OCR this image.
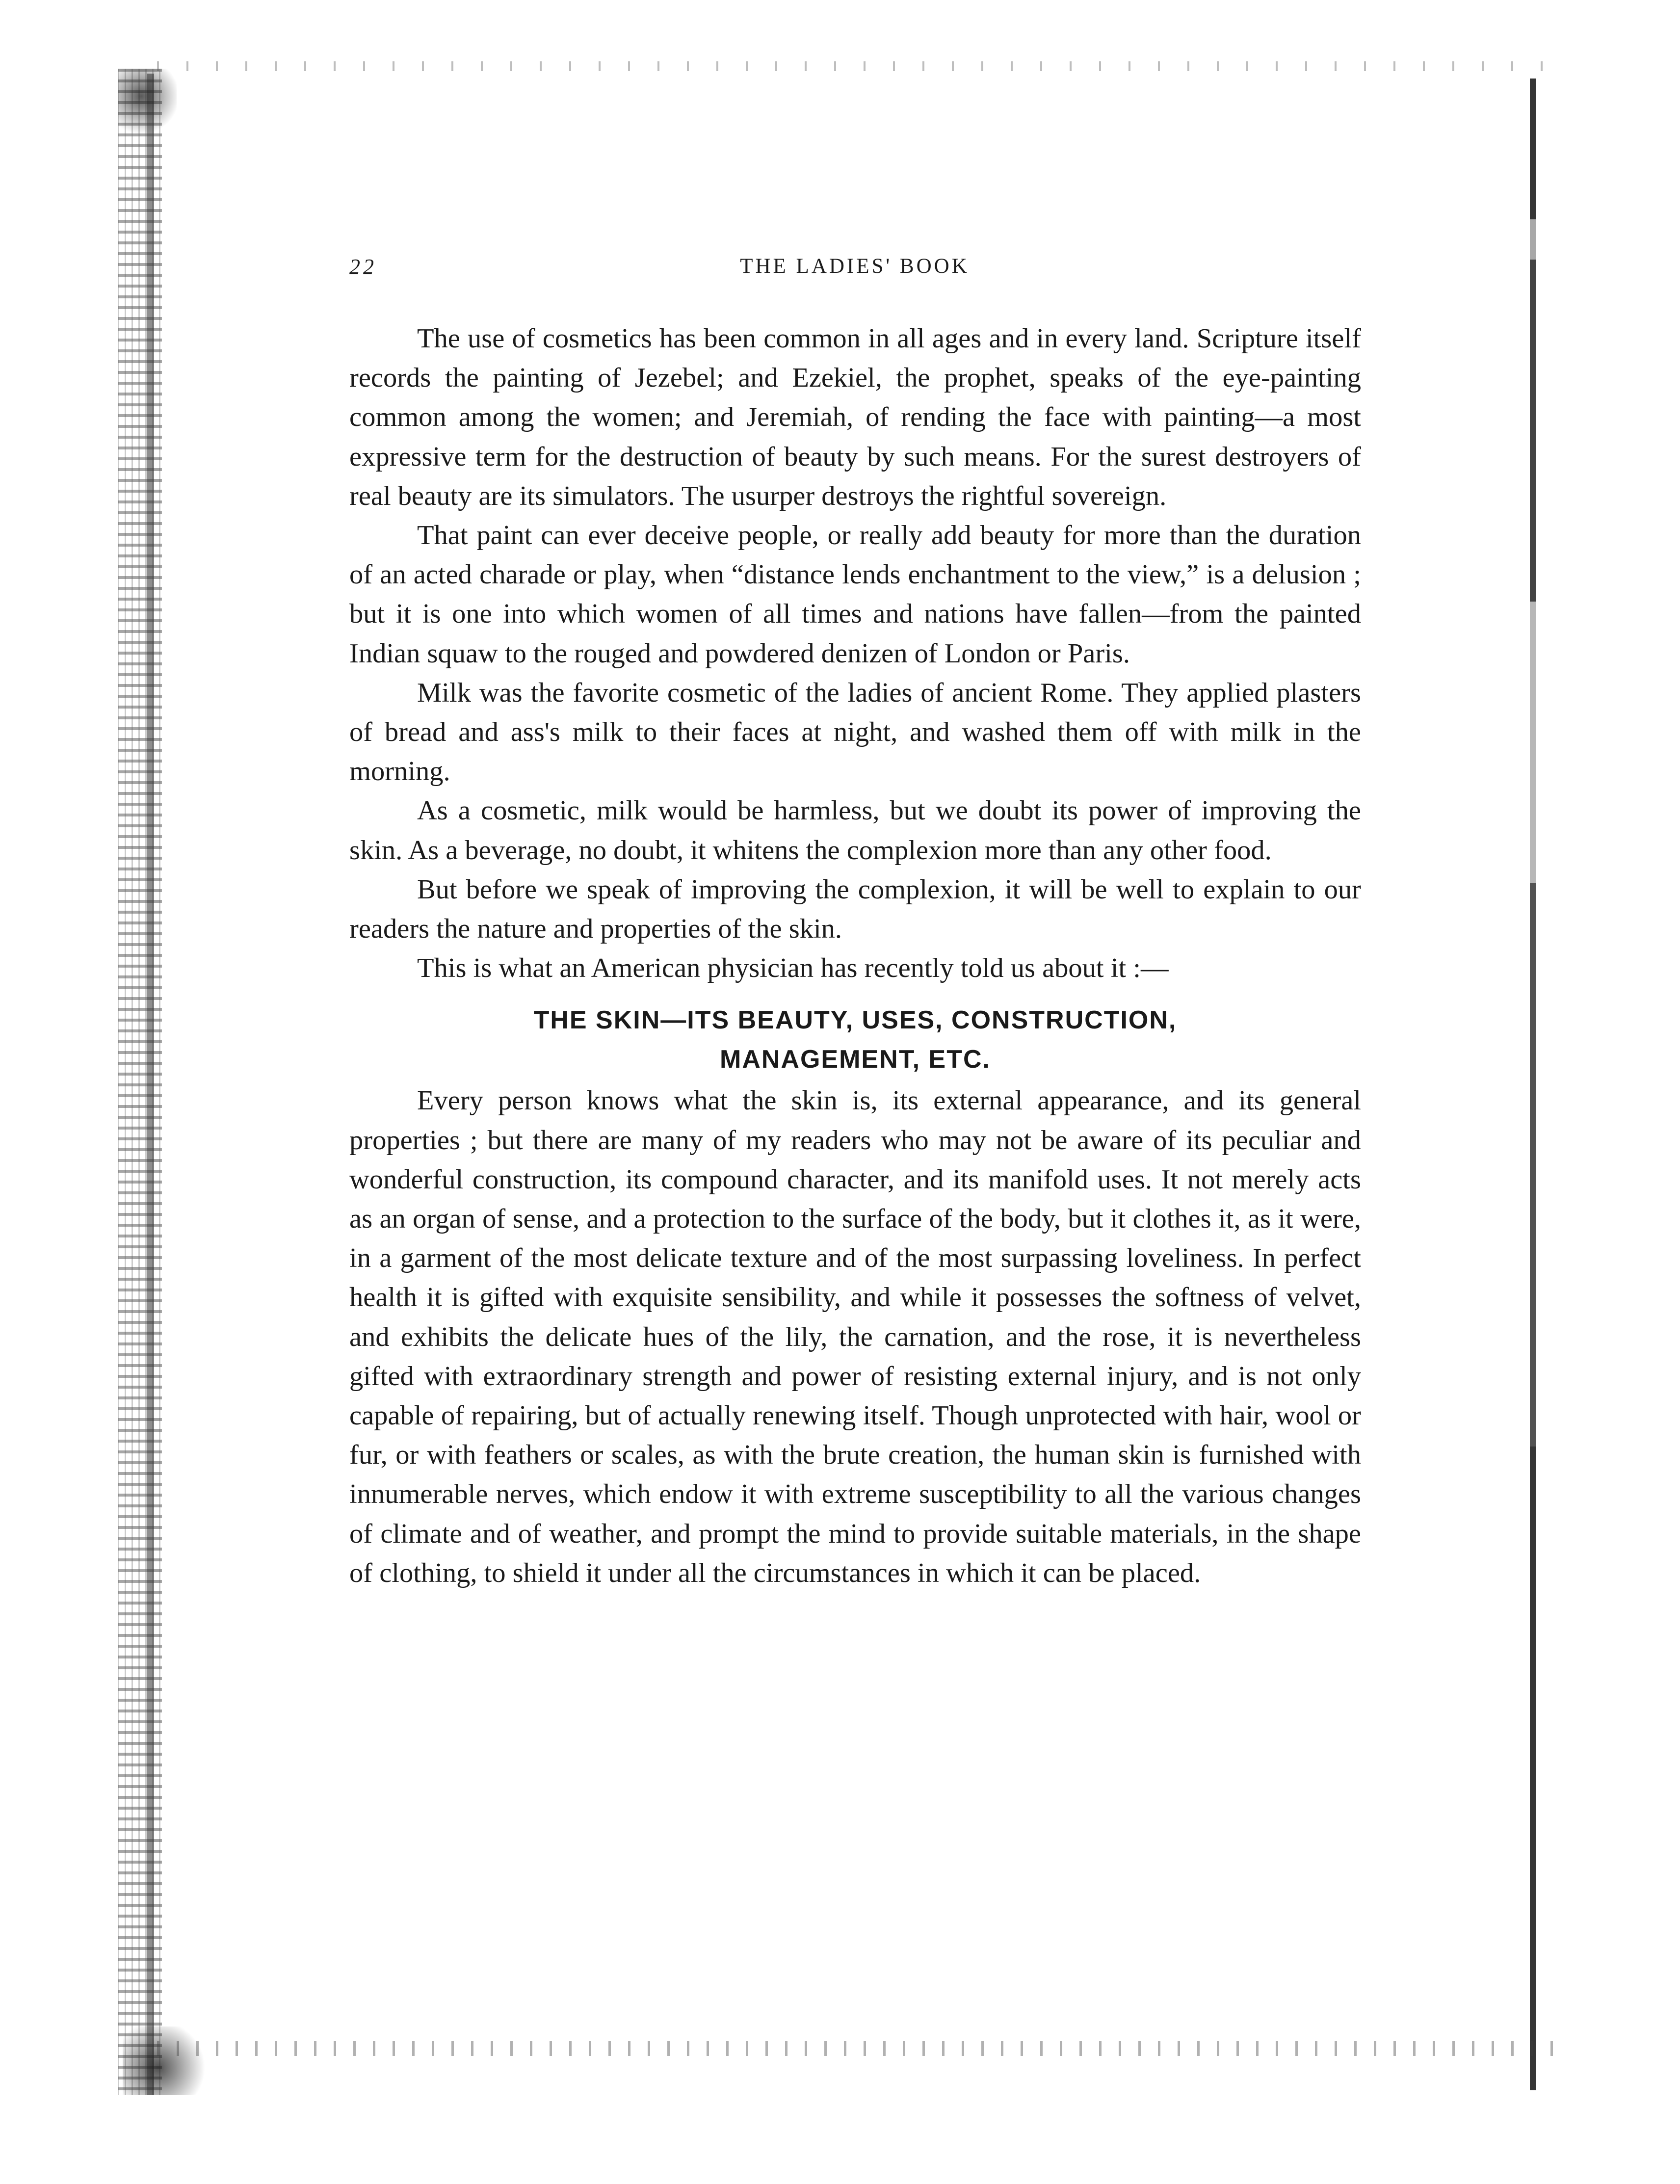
22	THE LADIES' BOOK

The use of cosmetics has been common in all ages and in every land. Scripture itself records the painting of Jezebel; and Ezekiel, the prophet, speaks of the eye-painting common among the women; and Jeremiah, of rending the face with painting—a most expressive term for the destruction of beauty by such means. For the surest destroyers of real beauty are its simulators. The usurper destroys the rightful sovereign.

That paint can ever deceive people, or really add beauty for more than the duration of an acted charade or play, when “distance lends enchantment to the view,” is a delusion ; but it is one into which women of all times and nations have fallen—from the painted Indian squaw to the rouged and powdered denizen of London or Paris.

Milk was the favorite cosmetic of the ladies of ancient Rome. They applied plasters of bread and ass's milk to their faces at night, and washed them off with milk in the morning.

As a cosmetic, milk would be harmless, but we doubt its power of improving the skin. As a beverage, no doubt, it whitens the complexion more than any other food.

But before we speak of improving the complexion, it will be well to explain to our readers the nature and properties of the skin.

This is what an American physician has recently told us about it :—

THE SKIN—ITS BEAUTY, USES, CONSTRUCTION,
MANAGEMENT, ETC.

Every person knows what the skin is, its external appearance, and its general properties ; but there are many of my readers who may not be aware of its peculiar and wonderful construction, its compound character, and its manifold uses. It not merely acts as an organ of sense, and a protection to the surface of the body, but it clothes it, as it were, in a garment of the most delicate texture and of the most surpassing loveliness. In perfect health it is gifted with exquisite sensibility, and while it possesses the softness of velvet, and exhibits the delicate hues of the lily, the carnation, and the rose, it is nevertheless gifted with extraordinary strength and power of resisting external injury, and is not only capable of repairing, but of actually renewing itself. Though unprotected with hair, wool or fur, or with feathers or scales, as with the brute creation, the human skin is furnished with innumerable nerves, which endow it with extreme susceptibility to all the various changes of climate and of weather, and prompt the mind to provide suitable materials, in the shape of clothing, to shield it under all the circumstances in which it can be placed.
